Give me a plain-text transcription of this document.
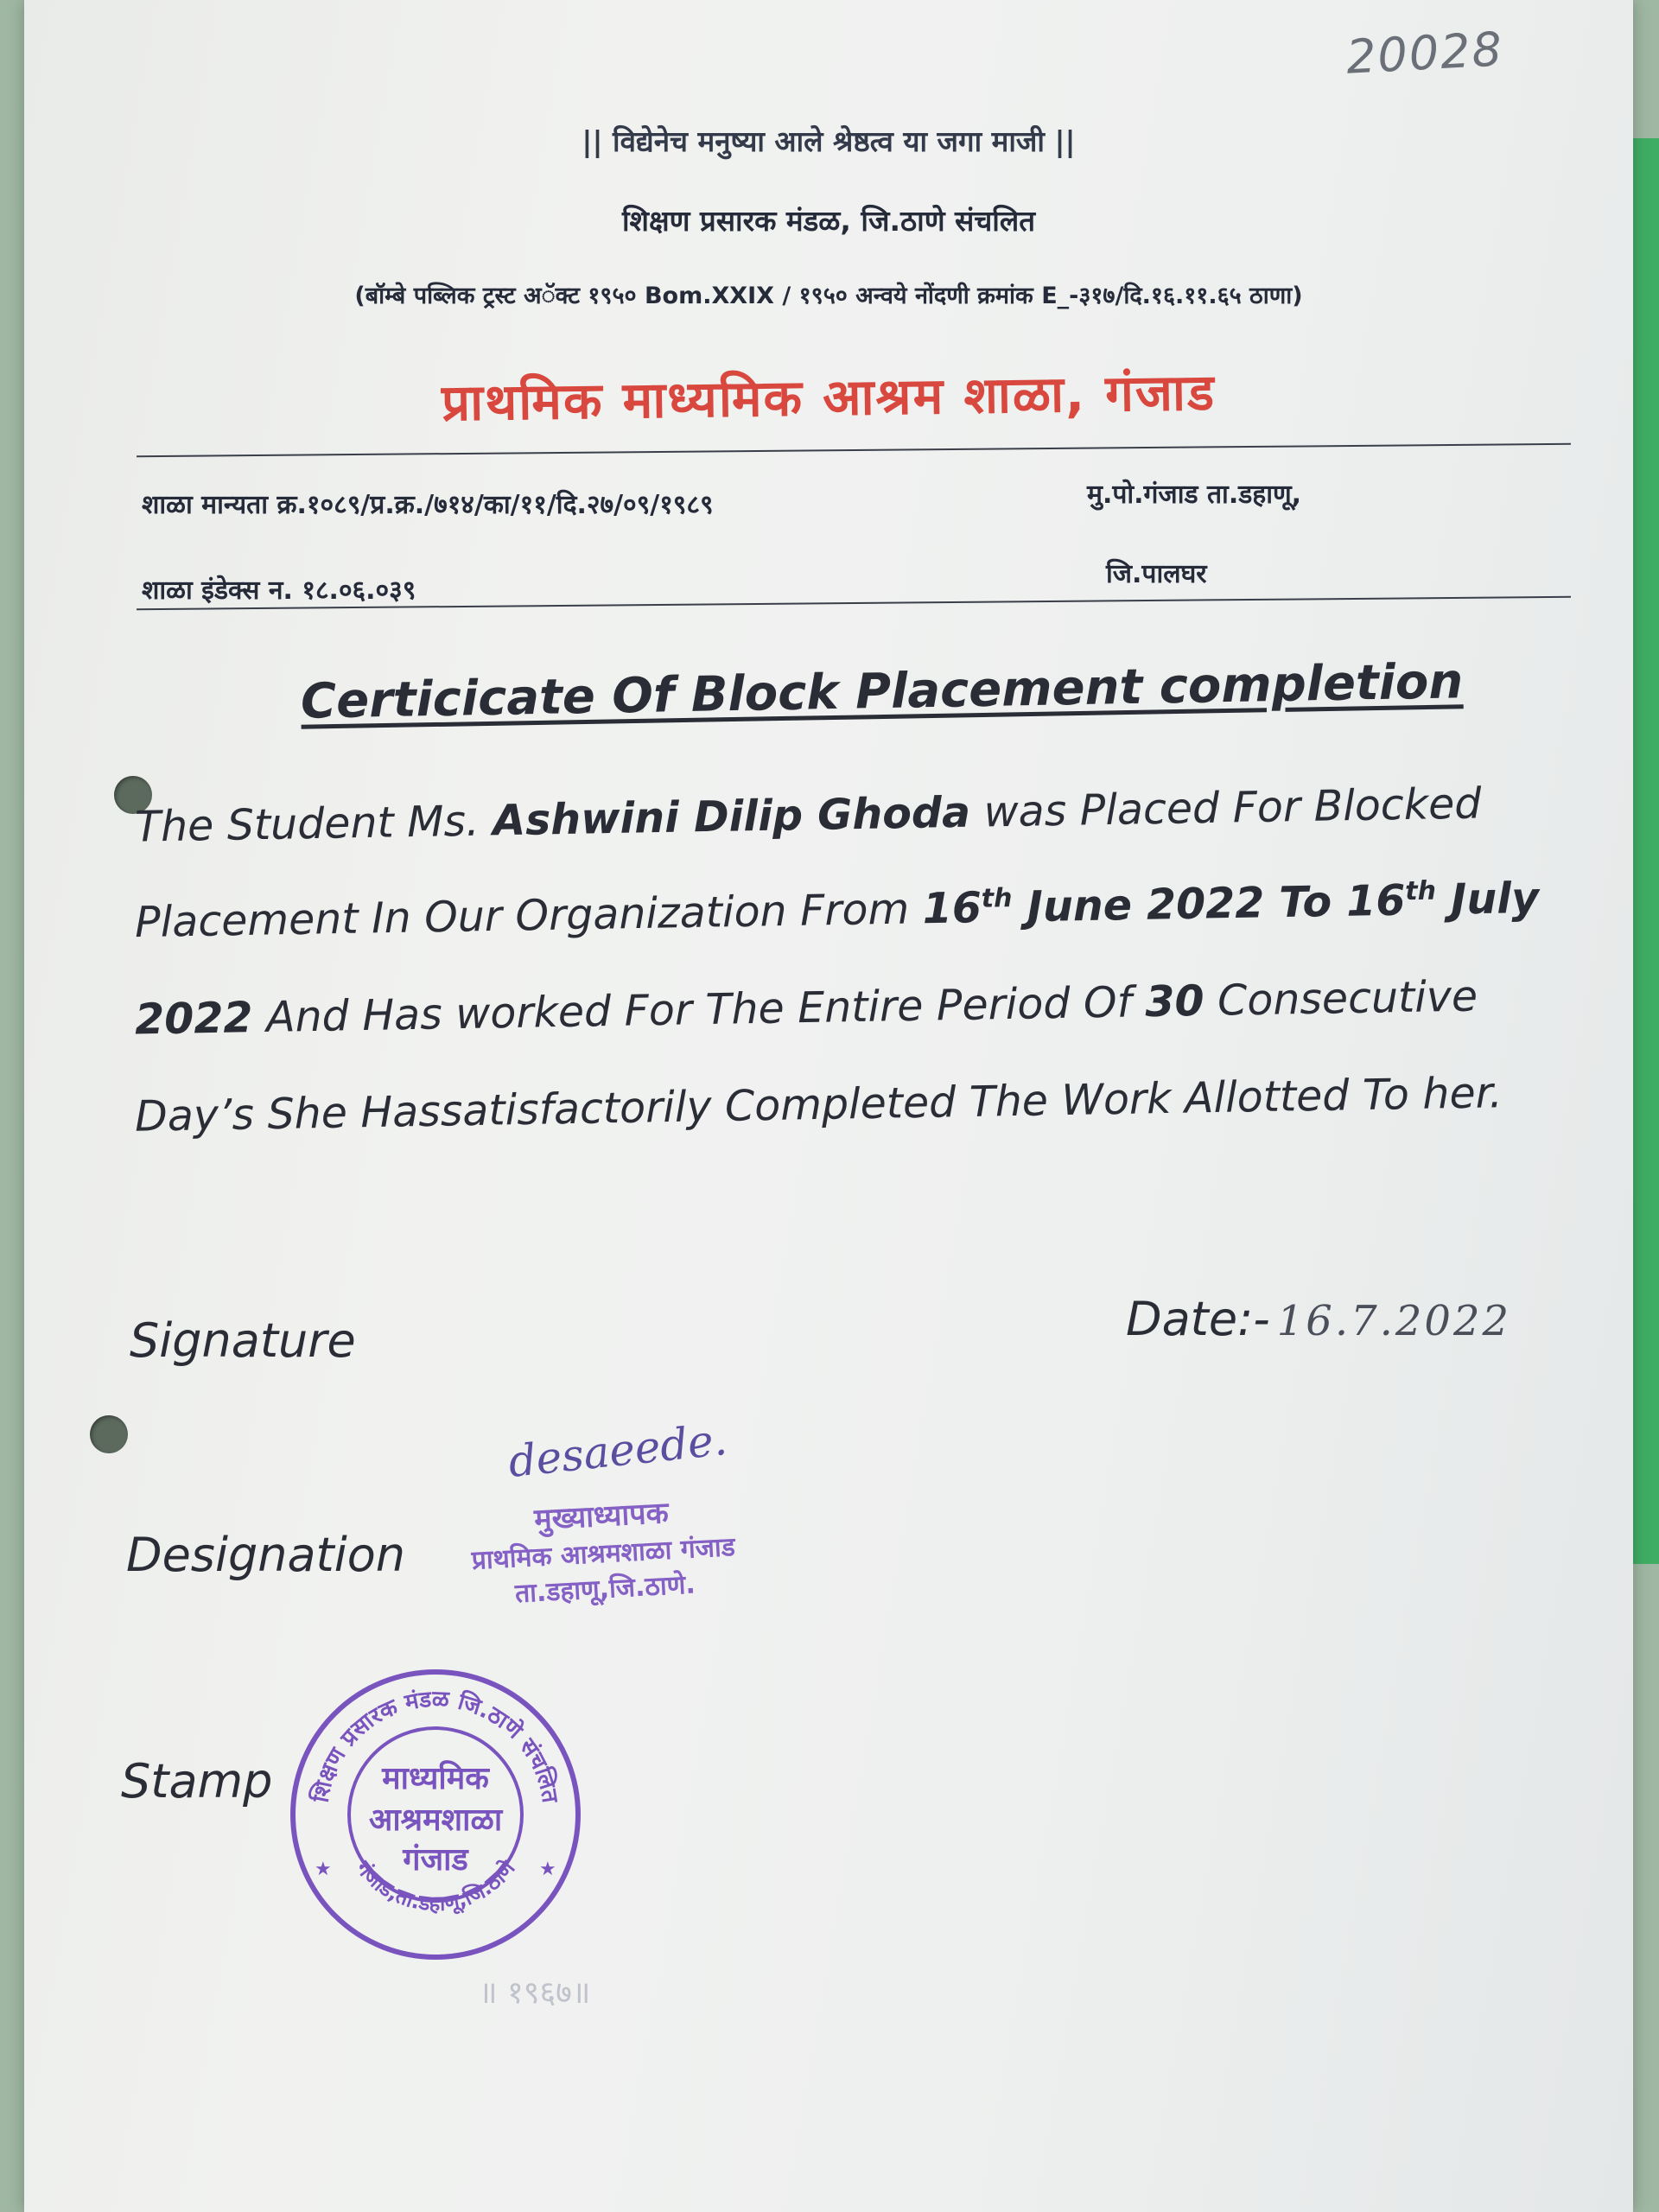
20028
|| विद्येनेच मनुष्या आले श्रेष्ठत्व या जगा माजी ||
शिक्षण प्रसारक मंडळ, जि.ठाणे संचलित
(बॉम्बे पब्लिक ट्रस्ट अॅक्ट १९५० Bom.XXIX / १९५० अन्वये नोंदणी क्रमांक E_-३१७/दि.१६.११.६५ ठाणा)
प्राथमिक माध्यमिक आश्रम शाळा, गंजाड
शाळा मान्यता क्र.१०८९/प्र.क्र./७१४/का/११/दि.२७/०९/१९८९	मु.पो.गंजाड ता.डहाणू,
जि.पालघर
शाळा इंडेक्स न. १८.०६.०३९
Certicicate Of Block Placement completion
The Student Ms. Ashwini Dilip Ghoda was Placed For Blocked
Placement In Our Organization From 16th June 2022 To 16th July
2022 And Has worked For The Entire Period Of 30 Consecutive
Day’s She Hassatisfactorily Completed The Work Allotted To her.
Date:- 16.7.2022
Signature
desaeede.
Designation
मुख्याध्यापक
प्राथमिक आश्रमशाळा गंजाड
ता.डहाणू,जि.ठाणे.
Stamp शिक्षण प्रसारक मंडळ जि.ठाणे संचलित
गंजाड,ता.डहाणू,जि.ठाणे
★	★
माध्यमिक
आश्रमशाळा
गंजाड
॥ १९६७॥
